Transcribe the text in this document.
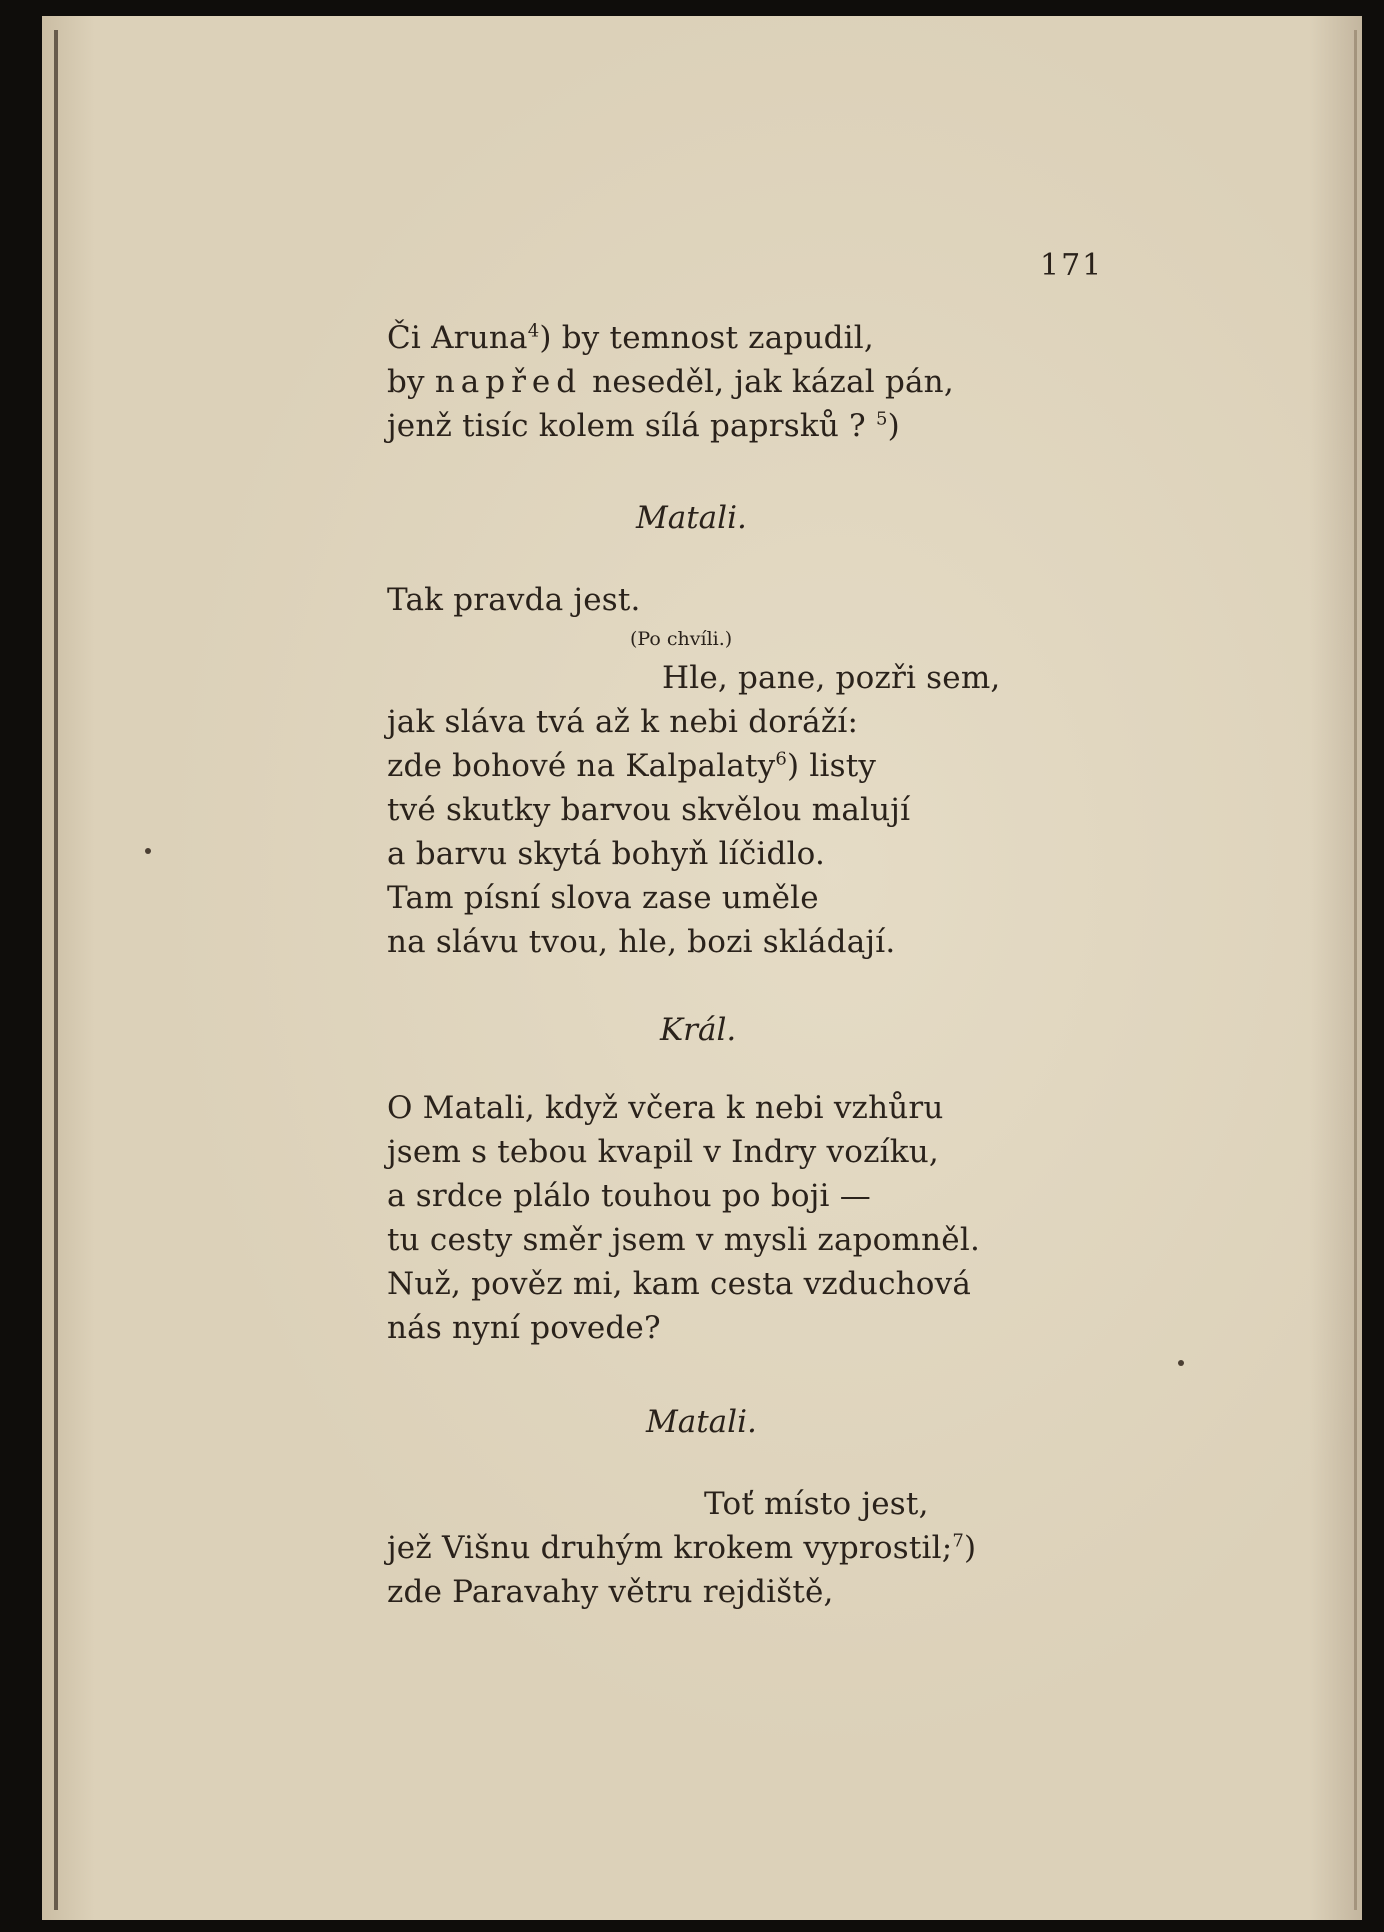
171
Či Aruna$^4$) by temnost zapudil,
by napřed neseděl, jak kázal pán,
jenž tisíc kolem sílá paprsků ? $^5$)
Matali.
Tak pravda jest.
(Po chvíli.)
Hle, pane, pozři sem,
jak sláva tvá až k nebi doráží:
zde bohové na Kalpalaty$^6$) listy
tvé skutky barvou skvělou malují
a barvu skytá bohyň líčidlo.
Tam písní slova zase uměle
na slávu tvou, hle, bozi skládají.
Král.
O Matali, když včera k nebi vzhůru
jsem s tebou kvapil v Indry vozíku,
a srdce plálo touhou po boji —
tu cesty směr jsem v mysli zapomněl.
Nuž, pověz mi, kam cesta vzduchová
nás nyní povede?
Matali.
Toť místo jest,
jež Višnu druhým krokem vyprostil;$^7$)
zde Paravahy větru rejdiště,
